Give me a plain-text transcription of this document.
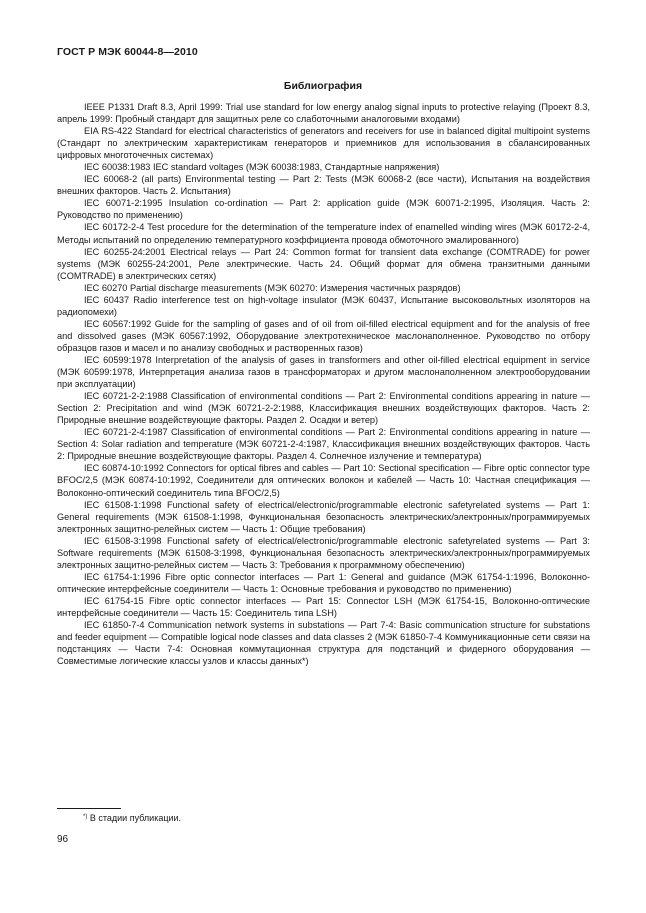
ГОСТ Р МЭК 60044-8—2010
Библиография

IEEE P1331 Draft 8.3, April 1999: Trial use standard for low energy analog signal inputs to protective relaying (Проект 8.3, апрель 1999: Пробный стандарт для защитных реле со слаботочными аналоговыми входами)

EIA RS-422 Standard for electrical characteristics of generators and receivers for use in balanced digital multipoint systems (Стандарт по электрическим характеристикам генераторов и приемников для использования в сбалансированных цифровых многоточечных системах)

IEC 60038:1983 IEC standard voltages (МЭК 60038:1983, Стандартные напряжения)

IEC 60068-2 (all parts) Environmental testing — Part 2: Tests (МЭК 60068-2 (все части), Испытания на воздействия внешних факторов. Часть 2. Испытания)

IEC 60071-2:1995 Insulation co-ordination — Part 2: application guide (МЭК 60071-2:1995, Изоляция. Часть 2: Руководство по применению)

IEC 60172-2-4 Test procedure for the determination of the temperature index of enamelled winding wires (МЭК 60172-2-4, Методы испытаний по определению температурного коэффициента провода обмоточного эмалированного)

IEC 60255-24:2001 Electrical relays — Part 24: Common format for transient data exchange (COMTRADE) for power systems (МЭК 60255-24:2001, Реле электрические. Часть 24. Общий формат для обмена транзитными данными (COMTRADE) в электрических сетях)

IEC 60270 Partial discharge measurements (МЭК 60270: Измерения частичных разрядов)

IEC 60437 Radio interference test on high-voltage insulator (МЭК 60437, Испытание высоковольтных изоляторов на радиопомехи)

IEC 60567:1992 Guide for the sampling of gases and of oil from oil-filled electrical equipment and for the analysis of free and dissolved gases (МЭК 60567:1992, Оборудование электротехническое маслонаполненное. Руководство по отбору образцов газов и масел и по анализу свободных и растворенных газов)

IEC 60599:1978 Interpretation of the analysis of gases in transformers and other oil-filled electrical equipment in service (МЭК 60599:1978, Интерпретация анализа газов в трансформаторах и другом маслонаполненном электрооборудовании при эксплуатации)

IEC 60721-2-2:1988 Classification of environmental conditions — Part 2: Environmental conditions appearing in nature — Section 2: Precipitation and wind (МЭК 60721-2-2:1988, Классификация внешних воздействующих факторов. Часть 2: Природные внешние воздействующие факторы. Раздел 2. Осадки и ветер)

IEC 60721-2-4:1987 Classification of environmental conditions — Part 2: Environmental conditions appearing in nature — Section 4: Solar radiation and temperature (МЭК 60721-2-4:1987, Классификация внешних воздействующих факторов. Часть 2: Природные внешние воздействующие факторы. Раздел 4. Солнечное излучение и температура)

IEC 60874-10:1992 Connectors for optical fibres and cables — Part 10: Sectional specification — Fibre optic connector type BFOC/2,5 (МЭК 60874-10:1992, Соединители для оптических волокон и кабелей — Часть 10: Частная спецификация — Волоконно-оптический соединитель типа BFOC/2,5)

IEC 61508-1:1998 Functional safety of electrical/electronic/programmable electronic safetyrelated systems — Part 1: General requirements (МЭК 61508-1:1998, Функциональная безопасность электрических/электронных/программируемых электронных защитно-релейных систем — Часть 1: Общие требования)

IEC 61508-3:1998 Functional safety of electrical/electronic/programmable electronic safetyrelated systems — Part 3: Software requirements (МЭК 61508-3:1998, Функциональная безопасность электрических/электронных/программируемых электронных защитно-релейных систем — Часть 3: Требования к программному обеспечению)

IEC 61754-1:1996 Fibre optic connector interfaces — Part 1: General and guidance (МЭК 61754-1:1996, Волоконно-оптические интерфейсные соединители — Часть 1: Основные требования и руководство по применению)

IEC 61754-15 Fibre optic connector interfaces — Part 15: Connector LSH (МЭК 61754-15, Волоконно-оптические интерфейсные соединители — Часть 15: Соединитель типа LSH)

IEC 61850-7-4 Communication network systems in substations — Part 7-4: Basic communication structure for substations and feeder equipment — Compatible logical node classes and data classes 2 (МЭК 61850-7-4 Коммуникационные сети связи на подстанциях — Части 7-4: Основная коммутационная структура для подстанций и фидерного оборудования — Совместимые логические классы узлов и классы данных*)

*) В стадии публикации.
96
